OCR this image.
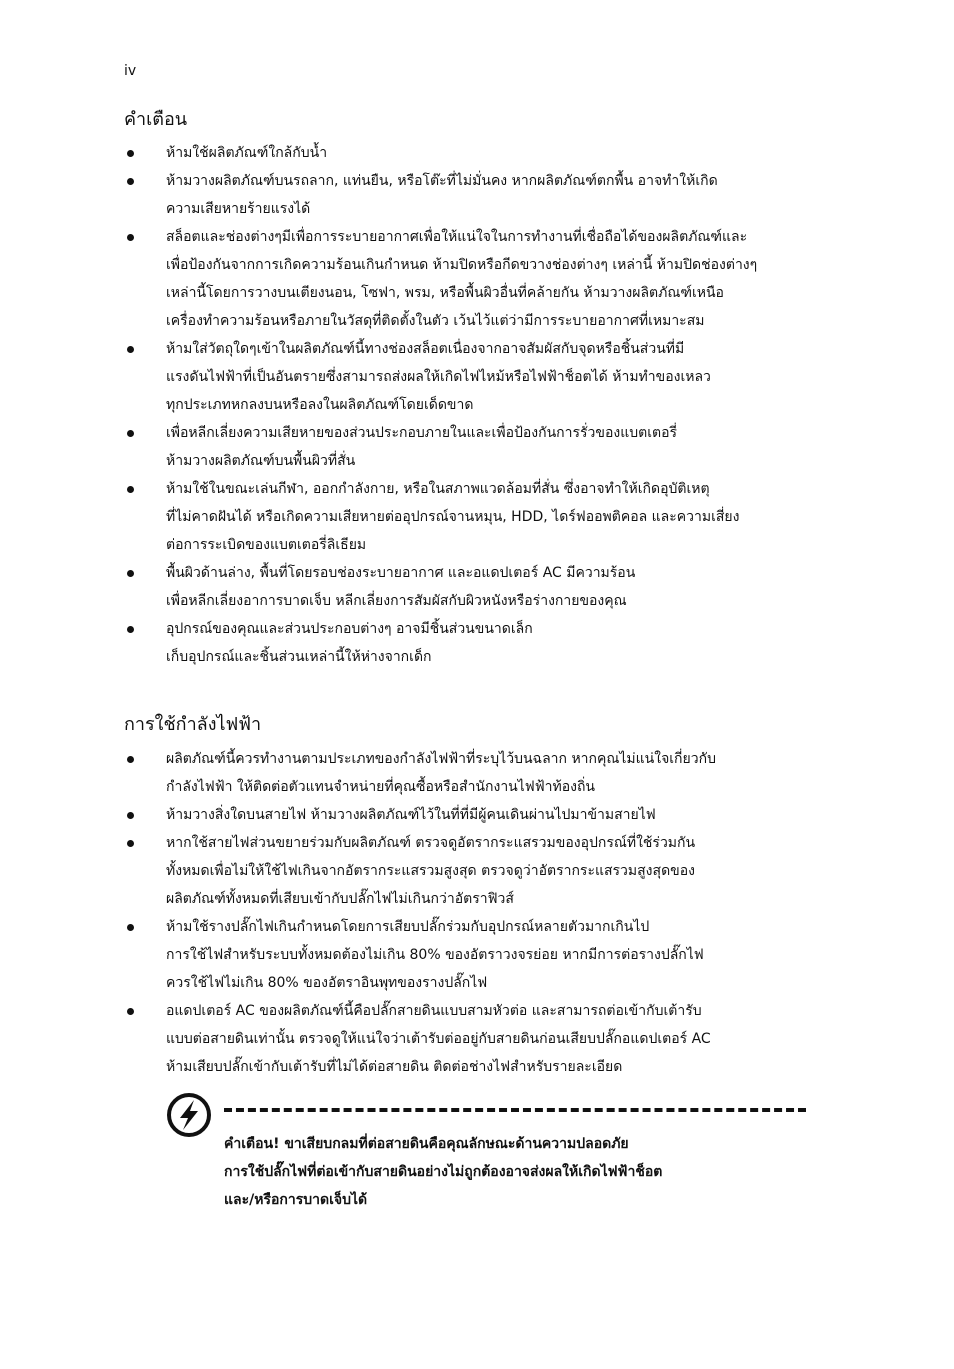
iv
คำเตือน
ห้ามใช้ผลิตภัณฑ์ใกล้กับน้ำ
ห้ามวางผลิตภัณฑ์บนรถลาก, แท่นยืน, หรือโต๊ะที่ไม่มั่นคง หากผลิตภัณฑ์ตกพื้น อาจทำให้เกิด
ความเสียหายร้ายแรงได้
สล็อตและช่องต่างๆมีเพื่อการระบายอากาศเพื่อให้แน่ใจในการทำงานที่เชื่อถือได้ของผลิตภัณฑ์และ
เพื่อป้องกันจากการเกิดความร้อนเกินกำหนด ห้ามปิดหรือกีดขวางช่องต่างๆ เหล่านี้ ห้ามปิดช่องต่างๆ
เหล่านี้โดยการวางบนเตียงนอน, โซฟา, พรม, หรือพื้นผิวอื่นที่คล้ายกัน ห้ามวางผลิตภัณฑ์เหนือ
เครื่องทำความร้อนหรือภายในวัสดุที่ติดตั้งในตัว เว้นไว้แต่ว่ามีการระบายอากาศที่เหมาะสม
ห้ามใส่วัตถุใดๆเข้าในผลิตภัณฑ์นี้ทางช่องสล็อตเนื่องจากอาจสัมผัสกับจุดหรือชิ้นส่วนที่มี
แรงดันไฟฟ้าที่เป็นอันตรายซึ่งสามารถส่งผลให้เกิดไฟไหม้หรือไฟฟ้าช็อตได้ ห้ามทำของเหลว
ทุกประเภทหกลงบนหรือลงในผลิตภัณฑ์โดยเด็ดขาด
เพื่อหลีกเลี่ยงความเสียหายของส่วนประกอบภายในและเพื่อป้องกันการรั่วของแบตเตอรี่
ห้ามวางผลิตภัณฑ์บนพื้นผิวที่สั่น
ห้ามใช้ในขณะเล่นกีฬา, ออกกำลังกาย, หรือในสภาพแวดล้อมที่สั่น ซึ่งอาจทำให้เกิดอุบัติเหตุ
ที่ไม่คาดฝันได้ หรือเกิดความเสียหายต่ออุปกรณ์จานหมุน, HDD, ไดร์ฟออพติคอล และความเสี่ยง
ต่อการระเบิดของแบตเตอรี่ลิเธียม
พื้นผิวด้านล่าง, พื้นที่โดยรอบช่องระบายอากาศ และอแดปเตอร์ AC มีความร้อน
เพื่อหลีกเลี่ยงอาการบาดเจ็บ หลีกเลี่ยงการสัมผัสกับผิวหนังหรือร่างกายของคุณ
อุปกรณ์ของคุณและส่วนประกอบต่างๆ อาจมีชิ้นส่วนขนาดเล็ก
เก็บอุปกรณ์และชิ้นส่วนเหล่านี้ให้ห่างจากเด็ก
การใช้กำลังไฟฟ้า
ผลิตภัณฑ์นี้ควรทำงานตามประเภทของกำลังไฟฟ้าที่ระบุไว้บนฉลาก หากคุณไม่แน่ใจเกี่ยวกับ
กำลังไฟฟ้า ให้ติดต่อตัวแทนจำหน่ายที่คุณซื้อหรือสำนักงานไฟฟ้าท้องถิ่น
ห้ามวางสิ่งใดบนสายไฟ ห้ามวางผลิตภัณฑ์ไว้ในที่ที่มีผู้คนเดินผ่านไปมาข้ามสายไฟ
หากใช้สายไฟส่วนขยายร่วมกับผลิตภัณฑ์ ตรวจดูอัตรากระแสรวมของอุปกรณ์ที่ใช้ร่วมกัน
ทั้งหมดเพื่อไม่ให้ใช้ไฟเกินจากอัตรากระแสรวมสูงสุด ตรวจดูว่าอัตรากระแสรวมสูงสุดของ
ผลิตภัณฑ์ทั้งหมดที่เสียบเข้ากับปลั๊กไฟไม่เกินกว่าอัตราฟิวส์
ห้ามใช้รางปลั๊กไฟเกินกำหนดโดยการเสียบปลั๊กร่วมกับอุปกรณ์หลายตัวมากเกินไป
การใช้ไฟสำหรับระบบทั้งหมดต้องไม่เกิน 80% ของอัตราวงจรย่อย หากมีการต่อรางปลั๊กไฟ
ควรใช้ไฟไม่เกิน 80% ของอัตราอินพุทของรางปลั๊กไฟ
อแดปเตอร์ AC ของผลิตภัณฑ์นี้คือปลั๊กสายดินแบบสามหัวต่อ และสามารถต่อเข้ากับเต้ารับ
แบบต่อสายดินเท่านั้น ตรวจดูให้แน่ใจว่าเต้ารับต่ออยู่กับสายดินก่อนเสียบปลั๊กอแดปเตอร์ AC
ห้ามเสียบปลั๊กเข้ากับเต้ารับที่ไม่ได้ต่อสายดิน ติดต่อช่างไฟสำหรับรายละเอียด
คำเตือน! ขาเสียบกลมที่ต่อสายดินคือคุณลักษณะด้านความปลอดภัย
การใช้ปลั๊กไฟที่ต่อเข้ากับสายดินอย่างไม่ถูกต้องอาจส่งผลให้เกิดไฟฟ้าช็อต
และ/หรือการบาดเจ็บได้
